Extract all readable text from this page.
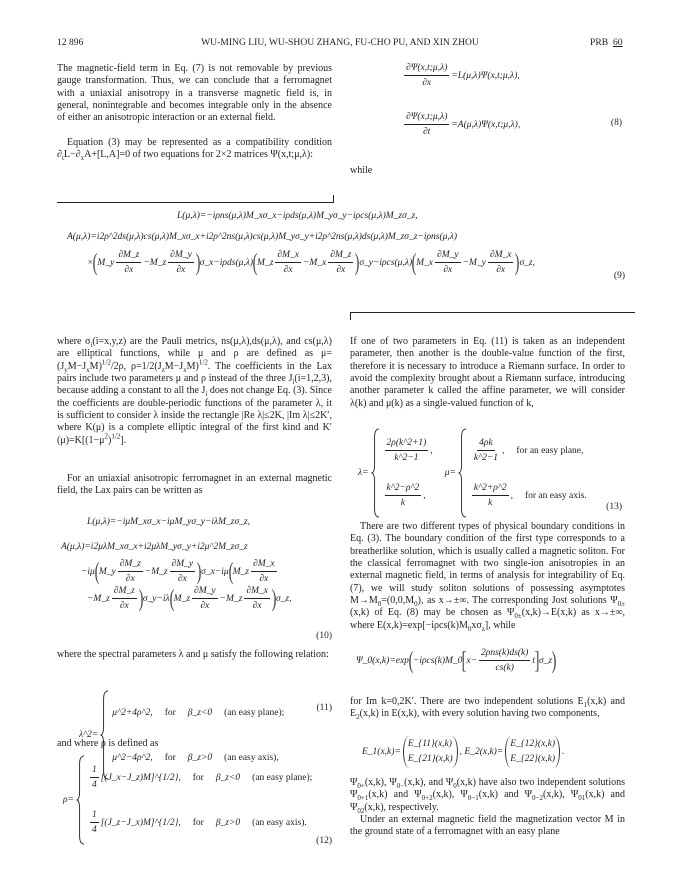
12 896	WU-MING LIU, WU-SHOU ZHANG, FU-CHO PU, AND XIN ZHOU	PRB 60
The magnetic-field term in Eq. (7) is not removable by previous gauge transformation. Thus, we can conclude that a ferromagnet with a uniaxial anisotropy in a transverse magnetic field is, in general, nonintegrable and becomes integrable only in the absence of either an anisotropic interaction or an external field.
Equation (3) may be represented as a compatibility condition $\partial_tL-\partial_xA+[L,A]=0$ of two equations for 2×2 matrices Ψ(x,t;μ,λ):
$\frac{\partial\Psi(x,t;\mu,\lambda)}{\partial x}$ =L(μ,λ)Ψ(x,t;μ,λ),
$\frac{\partial\Psi(x,t;\mu,\lambda)}{\partial t}$ =A(μ,λ)Ψ(x,t;μ,λ),	(8)
while
L(μ,λ)=−iρns(μ,λ)M_xσ_x−iρds(μ,λ)M_yσ_y−iρcs(μ,λ)M_zσ_z,
A(μ,λ)=i2ρ^2ds(μ,λ)cs(μ,λ)M_xσ_x+i2ρ^2ns(μ,λ)cs(μ,λ)M_yσ_y+i2ρ^2ns(μ,λ)ds(μ,λ)M_zσ_z−iρns(μ,λ)
× ( M_y $\frac{\partial M\_z}{\partial x}$ −M_z $\frac{\partial M\_y}{\partial x}$ ) σ_x−iρds(μ,λ) ( M_z $\frac{\partial M\_x}{\partial x}$ −M_x $\frac{\partial M\_z}{\partial x}$ ) σ_y−iρcs(μ,λ) ( M_x $\frac{\partial M\_y}{\partial x}$ −M_y $\frac{\partial M\_x}{\partial x}$ ) σ_z,
(9)
where $\sigma_i(i=x,y,z)$ are the Pauli metrics, ns(μ,λ),ds(μ,λ), and cs(μ,λ) are elliptical functions, while μ and ρ are defined as $\mu=(J_yM-J_xM)^{1/2}/2\rho$, $\rho=1/2(J_zM-J_xM)^{1/2}$. The coefficients in the Lax pairs include two parameters μ and ρ instead of the three $J_i(i=1,2,3)$, because adding a constant to all the $J_i$ does not change Eq. (3). Since the coefficients are double-periodic functions of the parameter λ, it is sufficient to consider λ inside the rectangle |Re λ|≤2K, |Im λ|≤2K′, where K(μ) is a complete elliptic integral of the first kind and $K'(\mu)=K[(1-\mu^2)^{1/2}]$.
For an uniaxial anisotropic ferromagnet in an external magnetic field, the Lax pairs can be written as
L(μ,λ)=−iμM_xσ_x−iμM_yσ_y−iλM_zσ_z,
A(μ,λ)=i2μλM_xσ_x+i2μλM_yσ_y+i2μ^2M_zσ_z
−iμ ( M_y $\frac{\partial M\_z}{\partial x}$ −M_z $\frac{\partial M\_y}{\partial x}$ ) σ_x−iμ ( M_z $\frac{\partial M\_x}{\partial x}$
−M_z $\frac{\partial M\_z}{\partial x}$ ) σ_y−iλ ( M_z $\frac{\partial M\_y}{\partial x}$ −M_z $\frac{\partial M\_x}{\partial x}$ ) σ_z,
(10)
where the spectral parameters λ and μ satisfy the following relation:
λ^2=
μ^2+4ρ^2, for β_z<0 (an easy plane);
μ^2−4ρ^2, for β_z>0 (an easy axis),
(11)
and where ρ is defined as
ρ=
$\frac{1}{4}$ [(J_x−J_z)M]^{1/2}, for β_z<0 (an easy plane);
$\frac{1}{4}$ [(J_z−J_x)M]^{1/2}, for β_z>0 (an easy axis).
(12)
If one of two parameters in Eq. (11) is taken as an independent parameter, then another is the double-value function of the first, therefore it is necessary to introduce a Riemann surface. In order to avoid the complexity brought about a Riemann surface, introducing another parameter k called the affine parameter, we will consider λ(k) and μ(k) as a single-valued function of k,
λ=
$\frac{2\rho(k\^{}2+1)}{k\^{}2-1}$ ,
$\frac{k\^{}2-\rho\^{}2}{k}$ ,
μ=
$\frac{4\rho k}{k\^{}2-1}$ , for an easy plane,
$\frac{k\^{}2+\rho\^{}2}{k}$ , for an easy axis.
(13)
There are two different types of physical boundary conditions in Eq. (3). The boundary condition of the first type corresponds to a breatherlike solution, which is usually called a magnetic soliton. For the classical ferromagnet with two single-ion anisotropies in an external magnetic field, in terms of analysis for integrability of Eq. (7), we will study soliton solutions of possessing asymptotes $M\to M_0=(0,0,M_0)$, as x→±∞. The corresponding Jost solutions $\Psi_{0\pm}(x,k)$ of Eq. (8) may be chosen as $\Psi_{0\pm}(x,k)\to E(x,k)$ as x→±∞, where $E(x,k)=\exp[-i\rho cs(k)M_0x\sigma_z]$, while
Ψ_0(x,k)=exp ( −iρcs(k)M_0 [ $x- \frac{\text{2ρns(k)ds(k)}}{cs(k)}$ t ] σ_z )
for Im k=0,2K′. There are two independent solutions $E_1(x,k)$ and $E_2(x,k)$ in E(x,k), with every solution having two components,
E_1(x,k)=
E_{11}(x,k)
E_{21}(x,k)
, E_2(x,k)=
E_{12}(x,k)
E_{22}(x,k)
.
$\Psi_{0+}(x,k)$, $\Psi_{0-}(x,k)$, and $\Psi_0(x,k)$ have also two independent solutions $\Psi_{0+1}(x,k)$ and $\Psi_{0+2}(x,k)$, $\Psi_{0-1}(x,k)$ and $\Psi_{0-2}(x,k)$, $\Psi_{01}(x,k)$ and $\Psi_{02}(x,k)$, respectively.
Under an external magnetic field the magnetization vector M in the ground state of a ferromagnet with an easy plane
